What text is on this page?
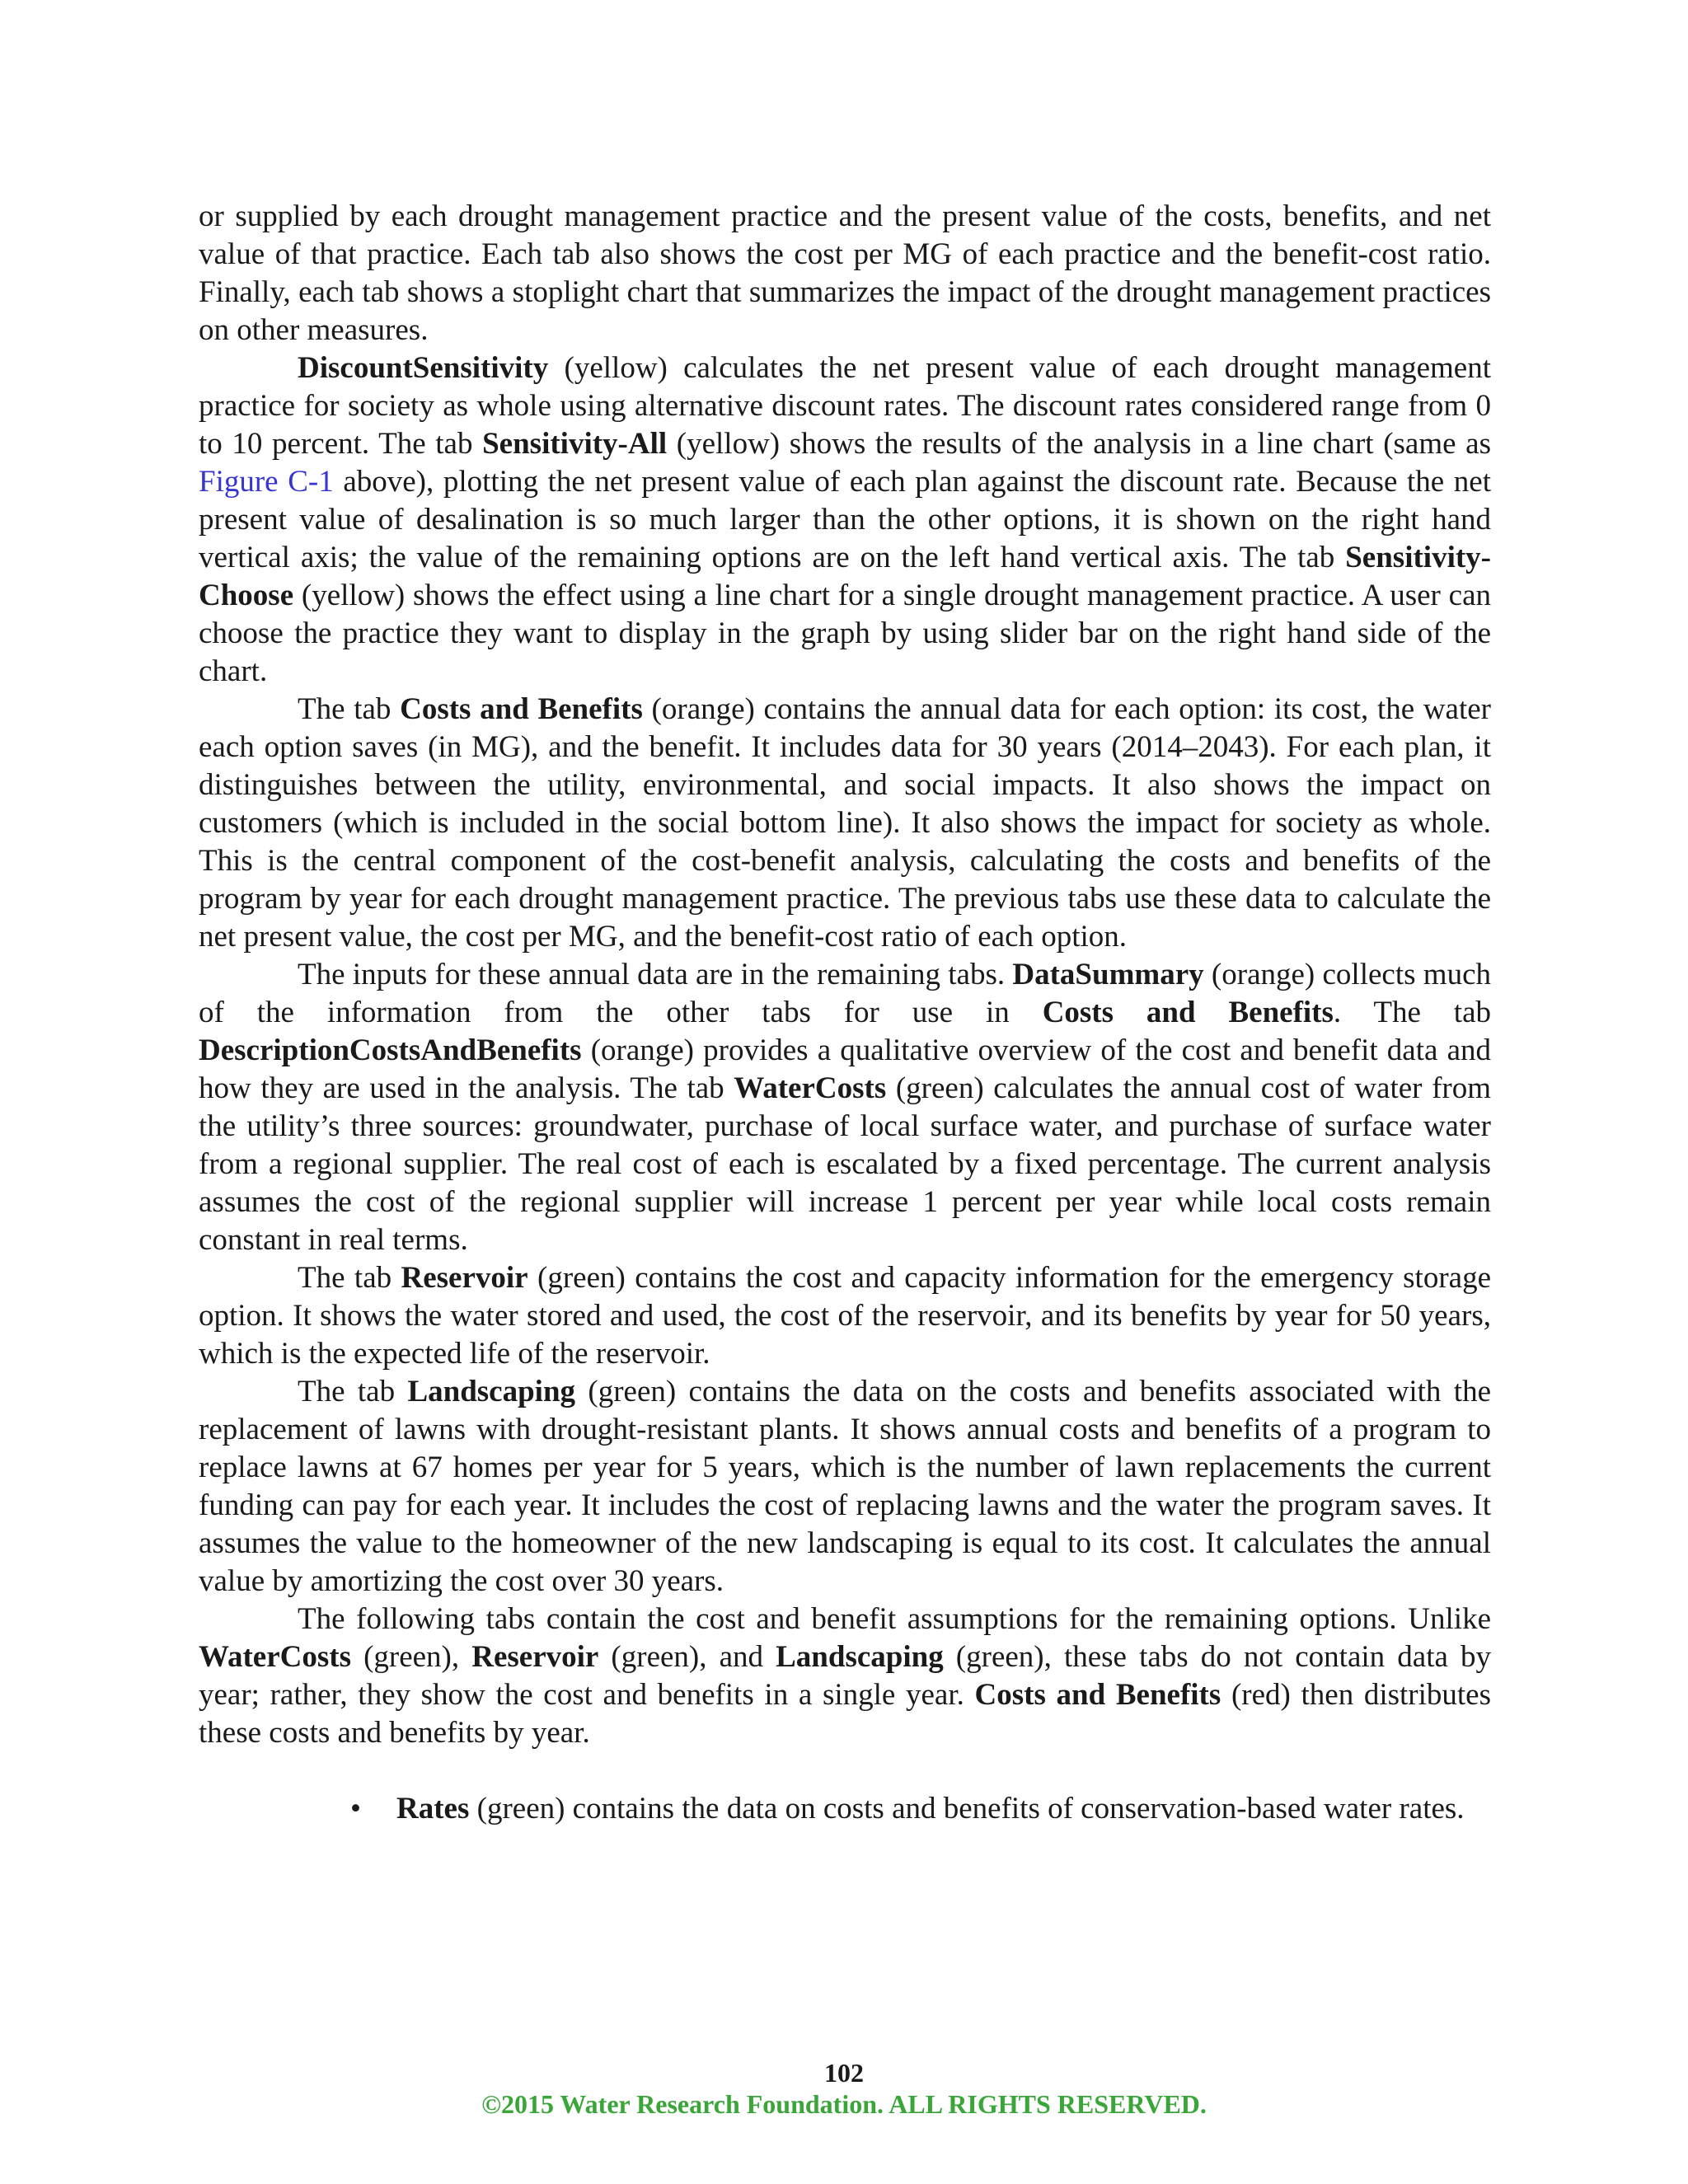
or supplied by each drought management practice and the present value of the costs, benefits, and net value of that practice. Each tab also shows the cost per MG of each practice and the benefit-cost ratio. Finally, each tab shows a stoplight chart that summarizes the impact of the drought management practices on other measures.

DiscountSensitivity (yellow) calculates the net present value of each drought management practice for society as whole using alternative discount rates. The discount rates considered range from 0 to 10 percent. The tab Sensitivity-All (yellow) shows the results of the analysis in a line chart (same as Figure C-1 above), plotting the net present value of each plan against the discount rate. Because the net present value of desalination is so much larger than the other options, it is shown on the right hand vertical axis; the value of the remaining options are on the left hand vertical axis. The tab Sensitivity-Choose (yellow) shows the effect using a line chart for a single drought management practice. A user can choose the practice they want to display in the graph by using slider bar on the right hand side of the chart.

The tab Costs and Benefits (orange) contains the annual data for each option: its cost, the water each option saves (in MG), and the benefit. It includes data for 30 years (2014–2043). For each plan, it distinguishes between the utility, environmental, and social impacts. It also shows the impact on customers (which is included in the social bottom line). It also shows the impact for society as whole. This is the central component of the cost-benefit analysis, calculating the costs and benefits of the program by year for each drought management practice. The previous tabs use these data to calculate the net present value, the cost per MG, and the benefit-cost ratio of each option.

The inputs for these annual data are in the remaining tabs. DataSummary (orange) collects much of the information from the other tabs for use in Costs and Benefits. The tab DescriptionCostsAndBenefits (orange) provides a qualitative overview of the cost and benefit data and how they are used in the analysis. The tab WaterCosts (green) calculates the annual cost of water from the utility’s three sources: groundwater, purchase of local surface water, and purchase of surface water from a regional supplier. The real cost of each is escalated by a fixed percentage. The current analysis assumes the cost of the regional supplier will increase 1 percent per year while local costs remain constant in real terms.

The tab Reservoir (green) contains the cost and capacity information for the emergency storage option. It shows the water stored and used, the cost of the reservoir, and its benefits by year for 50 years, which is the expected life of the reservoir.

The tab Landscaping (green) contains the data on the costs and benefits associated with the replacement of lawns with drought-resistant plants. It shows annual costs and benefits of a program to replace lawns at 67 homes per year for 5 years, which is the number of lawn replacements the current funding can pay for each year. It includes the cost of replacing lawns and the water the program saves. It assumes the value to the homeowner of the new landscaping is equal to its cost. It calculates the annual value by amortizing the cost over 30 years.

The following tabs contain the cost and benefit assumptions for the remaining options. Unlike WaterCosts (green), Reservoir (green), and Landscaping (green), these tabs do not contain data by year; rather, they show the cost and benefits in a single year. Costs and Benefits (red) then distributes these costs and benefits by year.

• Rates (green) contains the data on costs and benefits of conservation-based water rates.
102
©2015 Water Research Foundation. ALL RIGHTS RESERVED.
